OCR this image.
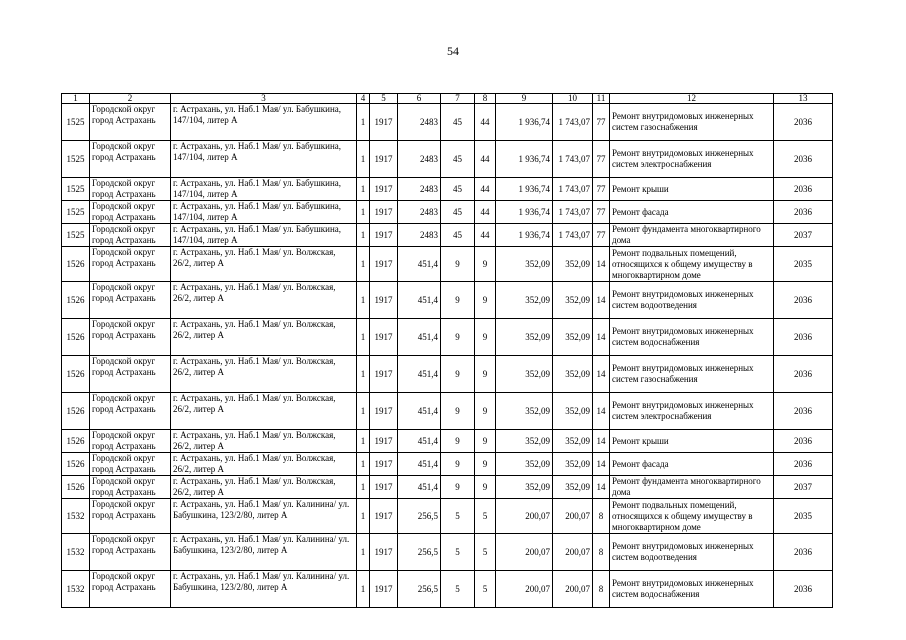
54
1	2	3	4	5	6	7	8	9	10	11	12	13
1525	Городской округ город Астрахань	г. Астрахань, ул. Наб.1 Мая/ ул. Бабушкина, 147/104, литер А	1	1917	2483	45	44	1 936,74	1 743,07	77	Ремонт внутридомовых инженерных систем газоснабжения	2036
1525	Городской округ город Астрахань	г. Астрахань, ул. Наб.1 Мая/ ул. Бабушкина, 147/104, литер А	1	1917	2483	45	44	1 936,74	1 743,07	77	Ремонт внутридомовых инженерных систем электроснабжения	2036
1525	Городской округ город Астрахань	г. Астрахань, ул. Наб.1 Мая/ ул. Бабушкина, 147/104, литер А	1	1917	2483	45	44	1 936,74	1 743,07	77	Ремонт крыши	2036
1525	Городской округ город Астрахань	г. Астрахань, ул. Наб.1 Мая/ ул. Бабушкина, 147/104, литер А	1	1917	2483	45	44	1 936,74	1 743,07	77	Ремонт фасада	2036
1525	Городской округ город Астрахань	г. Астрахань, ул. Наб.1 Мая/ ул. Бабушкина, 147/104, литер А	1	1917	2483	45	44	1 936,74	1 743,07	77	Ремонт фундамента многоквартирного дома	2037
1526	Городской округ город Астрахань	г. Астрахань, ул. Наб.1 Мая/ ул. Волжская, 26/2, литер А	1	1917	451,4	9	9	352,09	352,09	14	Ремонт подвальных помещений, относящихся к общему имуществу в многоквартирном доме	2035
1526	Городской округ город Астрахань	г. Астрахань, ул. Наб.1 Мая/ ул. Волжская, 26/2, литер А	1	1917	451,4	9	9	352,09	352,09	14	Ремонт внутридомовых инженерных систем водоотведения	2036
1526	Городской округ город Астрахань	г. Астрахань, ул. Наб.1 Мая/ ул. Волжская, 26/2, литер А	1	1917	451,4	9	9	352,09	352,09	14	Ремонт внутридомовых инженерных систем водоснабжения	2036
1526	Городской округ город Астрахань	г. Астрахань, ул. Наб.1 Мая/ ул. Волжская, 26/2, литер А	1	1917	451,4	9	9	352,09	352,09	14	Ремонт внутридомовых инженерных систем газоснабжения	2036
1526	Городской округ город Астрахань	г. Астрахань, ул. Наб.1 Мая/ ул. Волжская, 26/2, литер А	1	1917	451,4	9	9	352,09	352,09	14	Ремонт внутридомовых инженерных систем электроснабжения	2036
1526	Городской округ город Астрахань	г. Астрахань, ул. Наб.1 Мая/ ул. Волжская, 26/2, литер А	1	1917	451,4	9	9	352,09	352,09	14	Ремонт крыши	2036
1526	Городской округ город Астрахань	г. Астрахань, ул. Наб.1 Мая/ ул. Волжская, 26/2, литер А	1	1917	451,4	9	9	352,09	352,09	14	Ремонт фасада	2036
1526	Городской округ город Астрахань	г. Астрахань, ул. Наб.1 Мая/ ул. Волжская, 26/2, литер А	1	1917	451,4	9	9	352,09	352,09	14	Ремонт фундамента многоквартирного дома	2037
1532	Городской округ город Астрахань	г. Астрахань, ул. Наб.1 Мая/ ул. Калинина/ ул. Бабушкина, 123/2/80, литер А	1	1917	256,5	5	5	200,07	200,07	8	Ремонт подвальных помещений, относящихся к общему имуществу в многоквартирном доме	2035
1532	Городской округ город Астрахань	г. Астрахань, ул. Наб.1 Мая/ ул. Калинина/ ул. Бабушкина, 123/2/80, литер А	1	1917	256,5	5	5	200,07	200,07	8	Ремонт внутридомовых инженерных систем водоотведения	2036
1532	Городской округ город Астрахань	г. Астрахань, ул. Наб.1 Мая/ ул. Калинина/ ул. Бабушкина, 123/2/80, литер А	1	1917	256,5	5	5	200,07	200,07	8	Ремонт внутридомовых инженерных систем водоснабжения	2036
